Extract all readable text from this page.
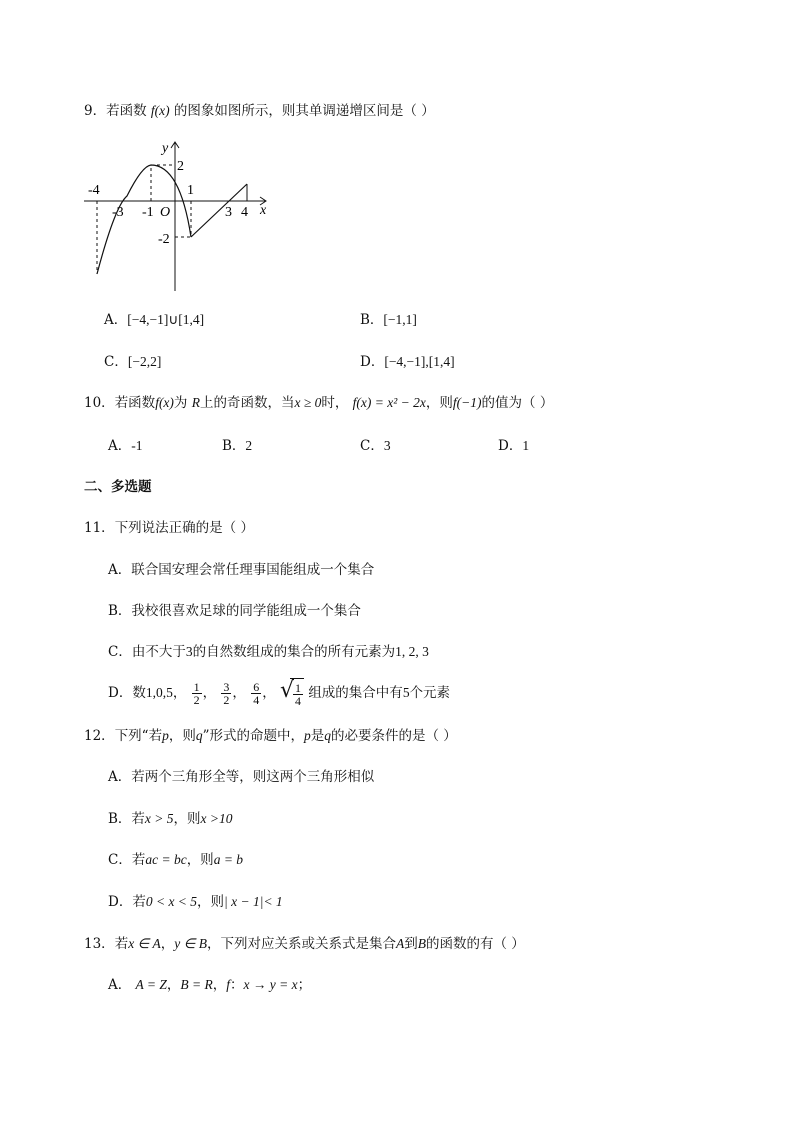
9．若函数 f(x) 的图象如图所示，则其单调递增区间是（ ）
y
x
O
2
-2
-4
-3 -1
1
3 4
A．[−4,−1]∪[1,4]	B．[−1,1]
C．[−2,2]	D．[−4,−1],[1,4]
10．若函数f(x)为 R上的奇函数，当x ≥ 0时， f(x) = x² − 2x，则f(−1)的值为（ ）
A．-1	B．2	C．3	D．1
二、多选题
11．下列说法正确的是（ ）
A．联合国安理会常任理事国能组成一个集合
B．我校很喜欢足球的同学能组成一个集合
C．由不大于3的自然数组成的集合的所有元素为1, 2, 3
D．数1,0,5， $\frac{1}{2}$ ， $\frac{3}{2}$ ， $\frac{6}{4}$ ， √
$\frac{1}{4}$ 组成的集合中有5个元素
12．下列“若p，则q”形式的命题中，p是q的必要条件的是（ ）
A．若两个三角形全等，则这两个三角形相似
B．若x > 5，则x >10
C．若ac = bc，则a = b
D．若0 < x < 5，则| x − 1|< 1
13．若x ∈ A，y ∈ B，下列对应关系或关系式是集合A到B的函数的有（ ）
A． A = Z，B = R，f：x → y = x；
